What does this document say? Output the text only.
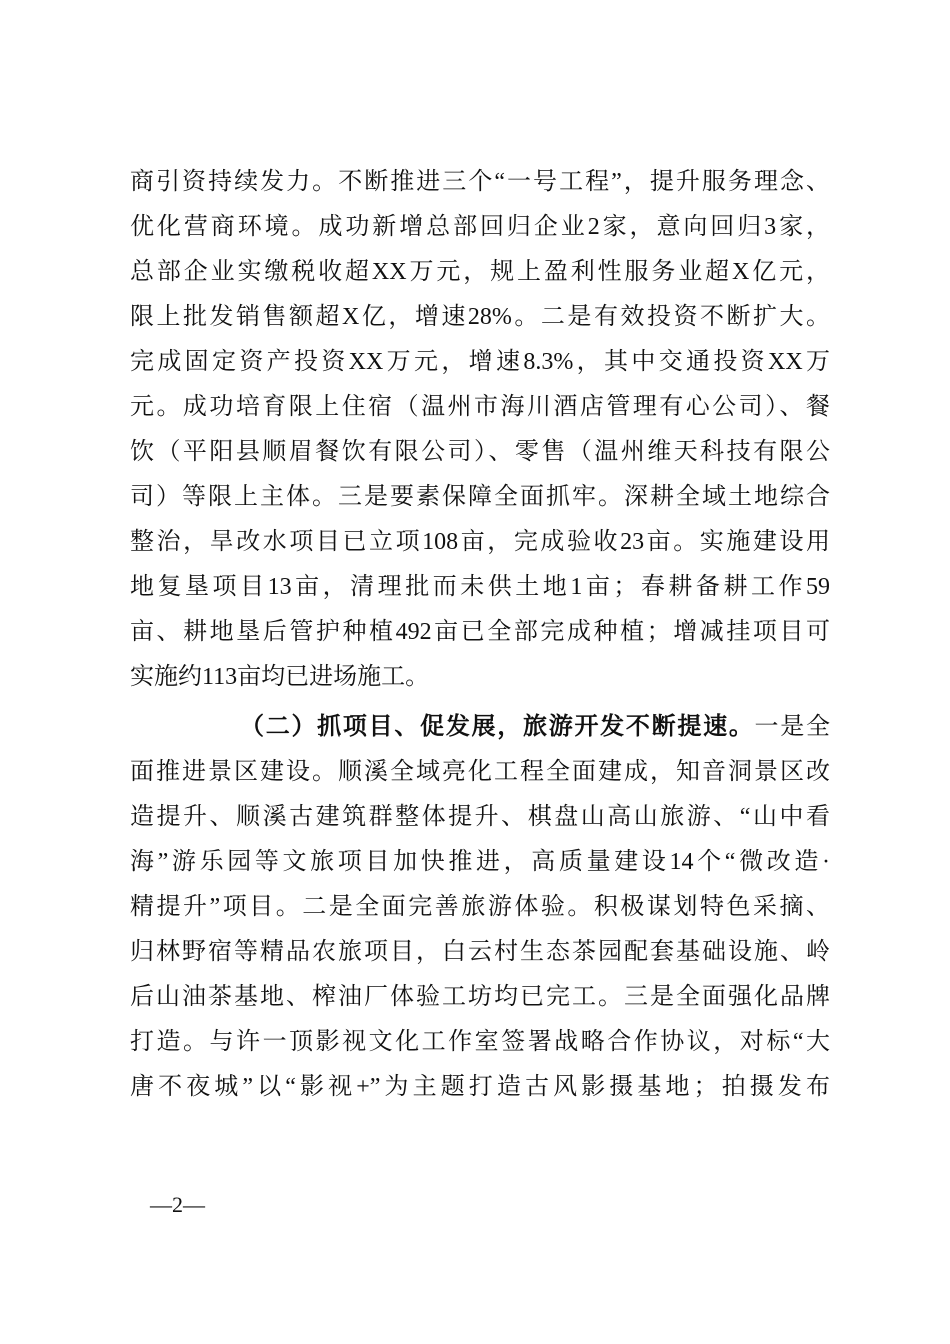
商引资持续发力。不断推进三个“一号工程”，提升服务理念、
优化营商环境。成功新增总部回归企业2家，意向回归3家，
总部企业实缴税收超XX万元，规上盈利性服务业超X亿元，
限上批发销售额超X亿，增速28%。二是有效投资不断扩大。
完成固定资产投资XX万元，增速8.3%，其中交通投资XX万
元。成功培育限上住宿（温州市海川酒店管理有心公司）、餐
饮（平阳县顺眉餐饮有限公司）、零售（温州维天科技有限公
司）等限上主体。三是要素保障全面抓牢。深耕全域土地综合
整治，旱改水项目已立项108亩，完成验收23亩。实施建设用
地复垦项目13亩，清理批而未供土地1亩；春耕备耕工作59
亩、耕地垦后管护种植492亩已全部完成种植；增减挂项目可
实施约113亩均已进场施工。
（二）抓项目、促发展，旅游开发不断提速。一是全
面推进景区建设。顺溪全域亮化工程全面建成，知音洞景区改
造提升、顺溪古建筑群整体提升、棋盘山高山旅游、“山中看
海”游乐园等文旅项目加快推进，高质量建设14个“微改造·
精提升”项目。二是全面完善旅游体验。积极谋划特色采摘、
归林野宿等精品农旅项目，白云村生态茶园配套基础设施、岭
后山油茶基地、榨油厂体验工坊均已完工。三是全面强化品牌
打造。与许一顶影视文化工作室签署战略合作协议，对标“大
唐不夜城”以“影视+”为主题打造古风影摄基地；拍摄发布
—2—
